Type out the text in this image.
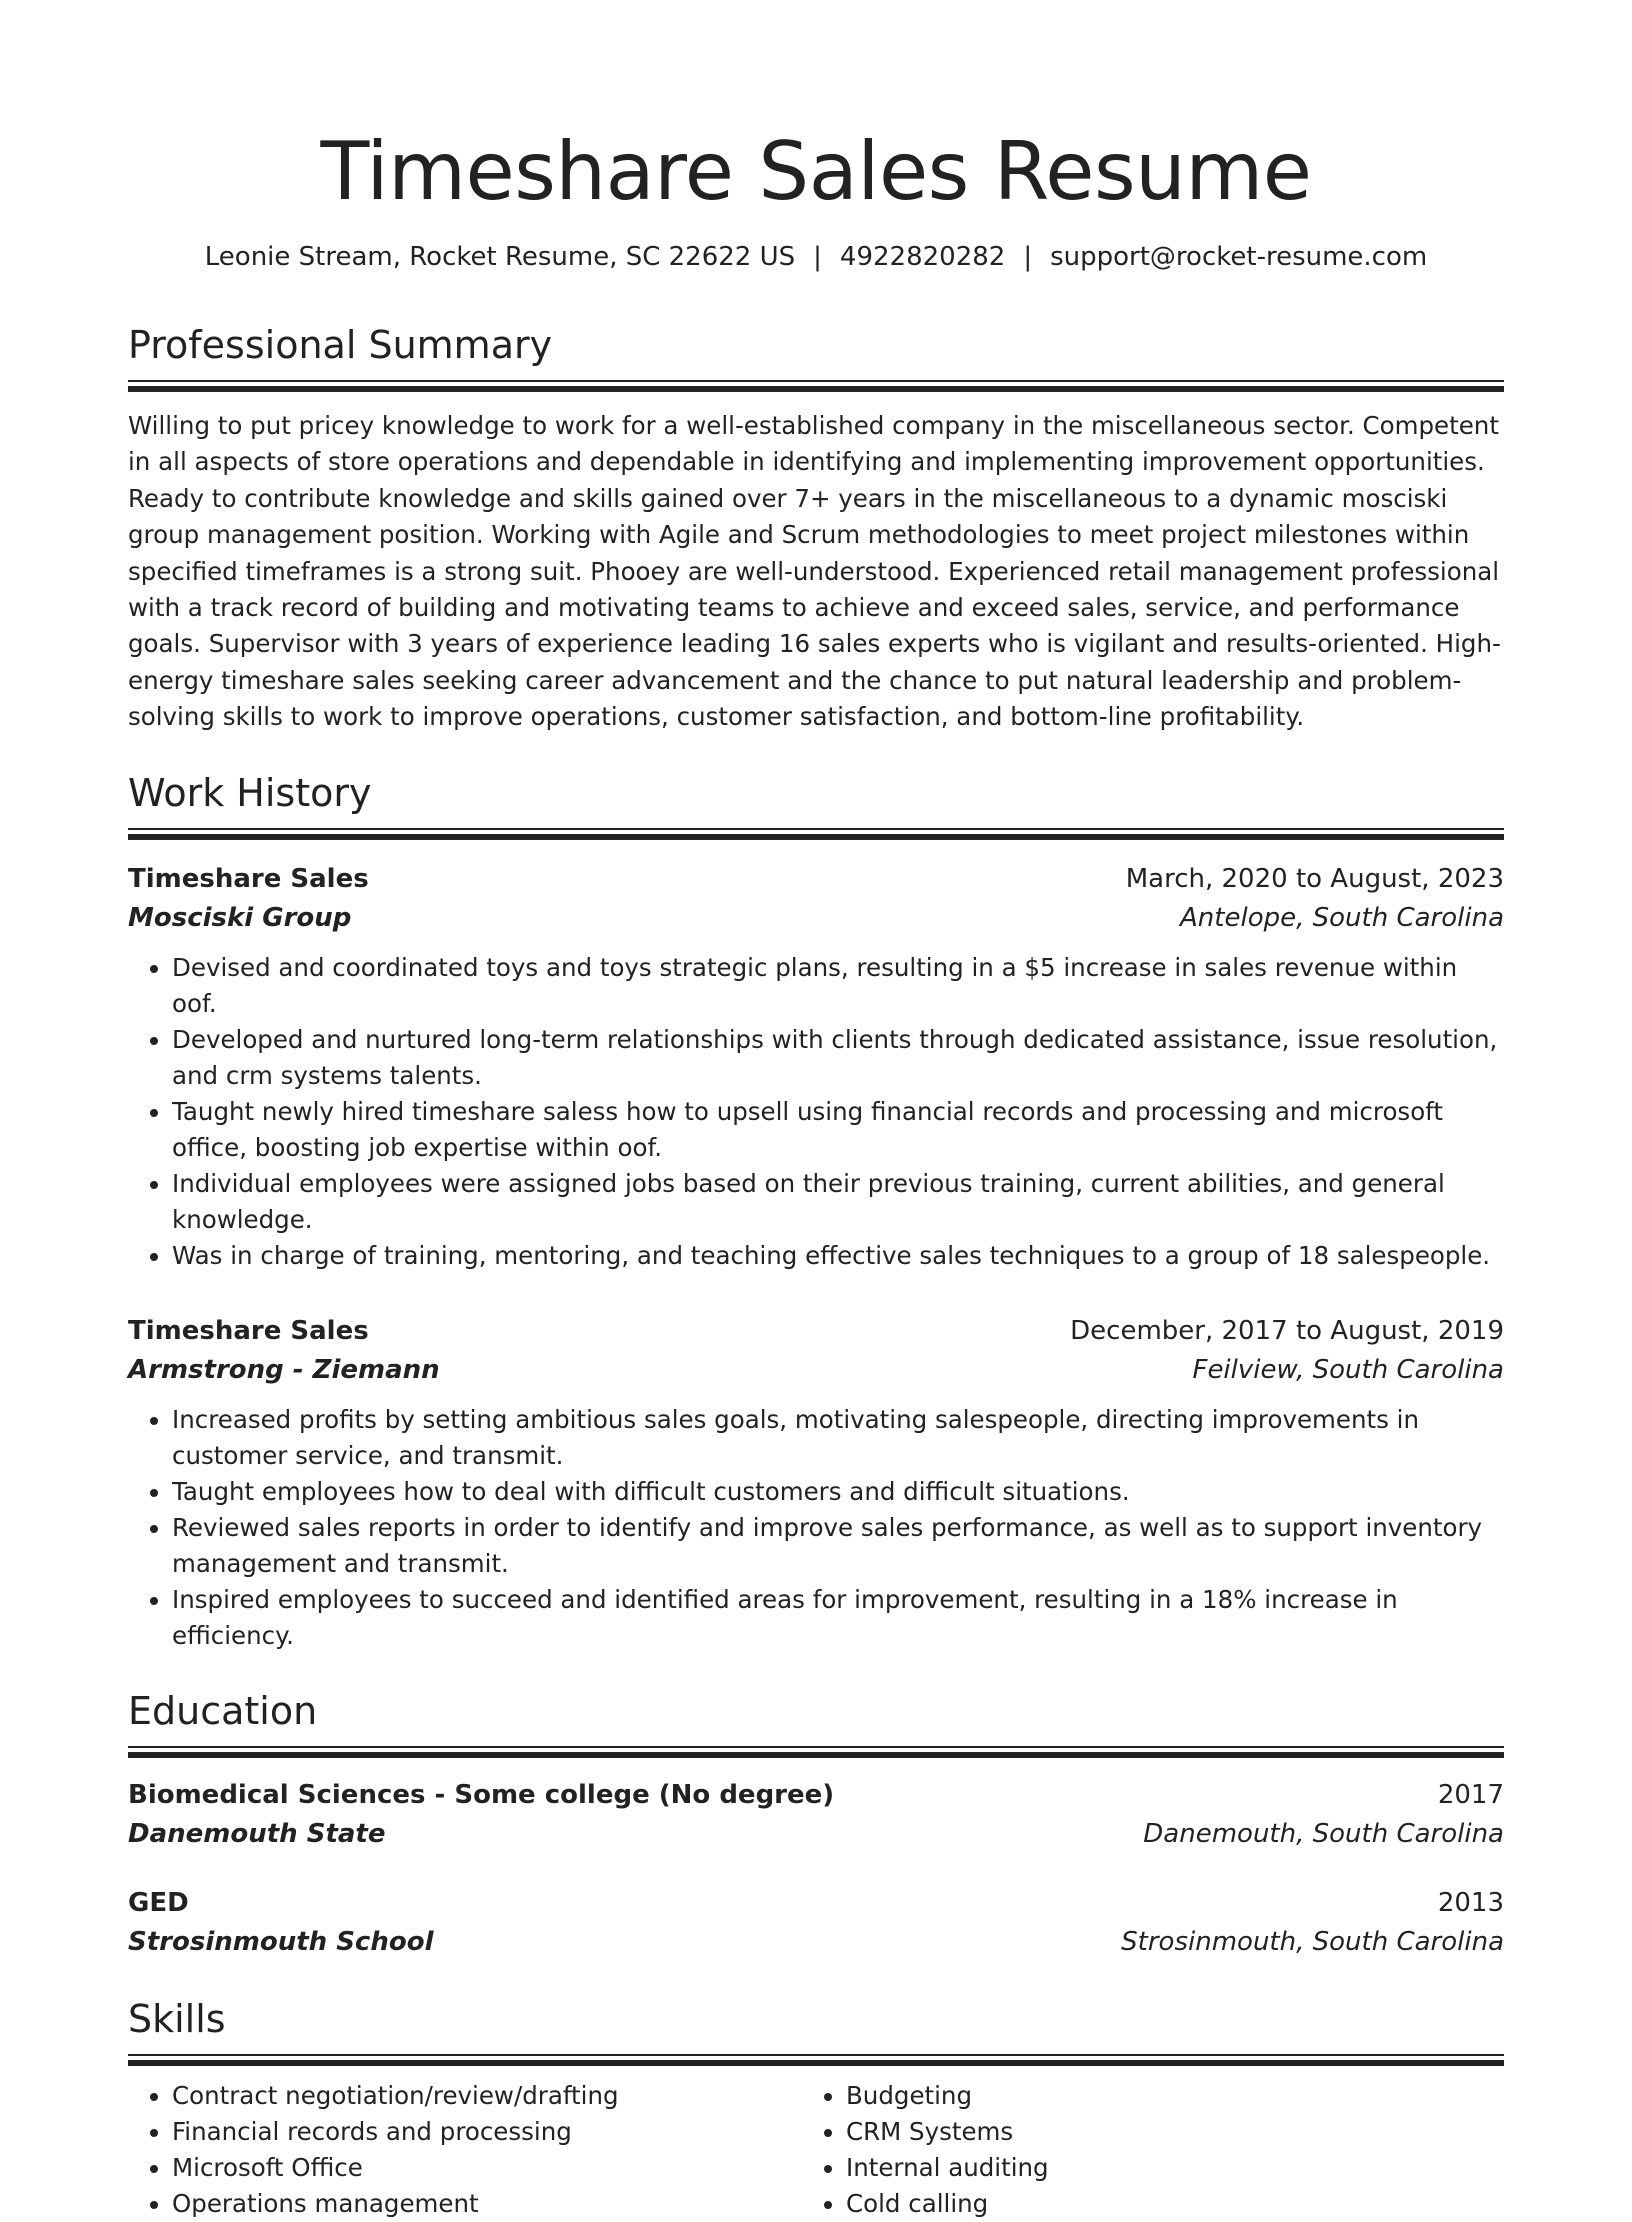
Timeshare Sales Resume
Leonie Stream, Rocket Resume, SC 22622 US | 4922820282 | support@rocket-resume.com
Professional Summary
Willing to put pricey knowledge to work for a well-established company in the miscellaneous sector. Competent in all aspects of store operations and dependable in identifying and implementing improvement opportunities. Ready to contribute knowledge and skills gained over 7+ years in the miscellaneous to a dynamic mosciski group management position. Working with Agile and Scrum methodologies to meet project milestones within specified timeframes is a strong suit. Phooey are well-understood. Experienced retail management professional with a track record of building and motivating teams to achieve and exceed sales, service, and performance goals. Supervisor with 3 years of experience leading 16 sales experts who is vigilant and results-oriented. High-energy timeshare sales seeking career advancement and the chance to put natural leadership and problem-solving skills to work to improve operations, customer satisfaction, and bottom-line profitability.
Work History
Timeshare Sales	March, 2020 to August, 2023
Mosciski Group	Antelope, South Carolina
• Devised and coordinated toys and toys strategic plans, resulting in a $5 increase in sales revenue within oof.
• Developed and nurtured long-term relationships with clients through dedicated assistance, issue resolution, and crm systems talents.
• Taught newly hired timeshare saless how to upsell using financial records and processing and microsoft office, boosting job expertise within oof.
• Individual employees were assigned jobs based on their previous training, current abilities, and general knowledge.
• Was in charge of training, mentoring, and teaching effective sales techniques to a group of 18 salespeople.
Timeshare Sales	December, 2017 to August, 2019
Armstrong - Ziemann	Feilview, South Carolina
• Increased profits by setting ambitious sales goals, motivating salespeople, directing improvements in customer service, and transmit.
• Taught employees how to deal with difficult customers and difficult situations.
• Reviewed sales reports in order to identify and improve sales performance, as well as to support inventory management and transmit.
• Inspired employees to succeed and identified areas for improvement, resulting in a 18% increase in efficiency.
Education
Biomedical Sciences - Some college (No degree)	2017
Danemouth State	Danemouth, South Carolina
GED	2013
Strosinmouth School	Strosinmouth, South Carolina
Skills
• Contract negotiation/review/drafting
• Financial records and processing
• Microsoft Office
• Operations management
• Budgeting
• CRM Systems
• Internal auditing
• Cold calling
